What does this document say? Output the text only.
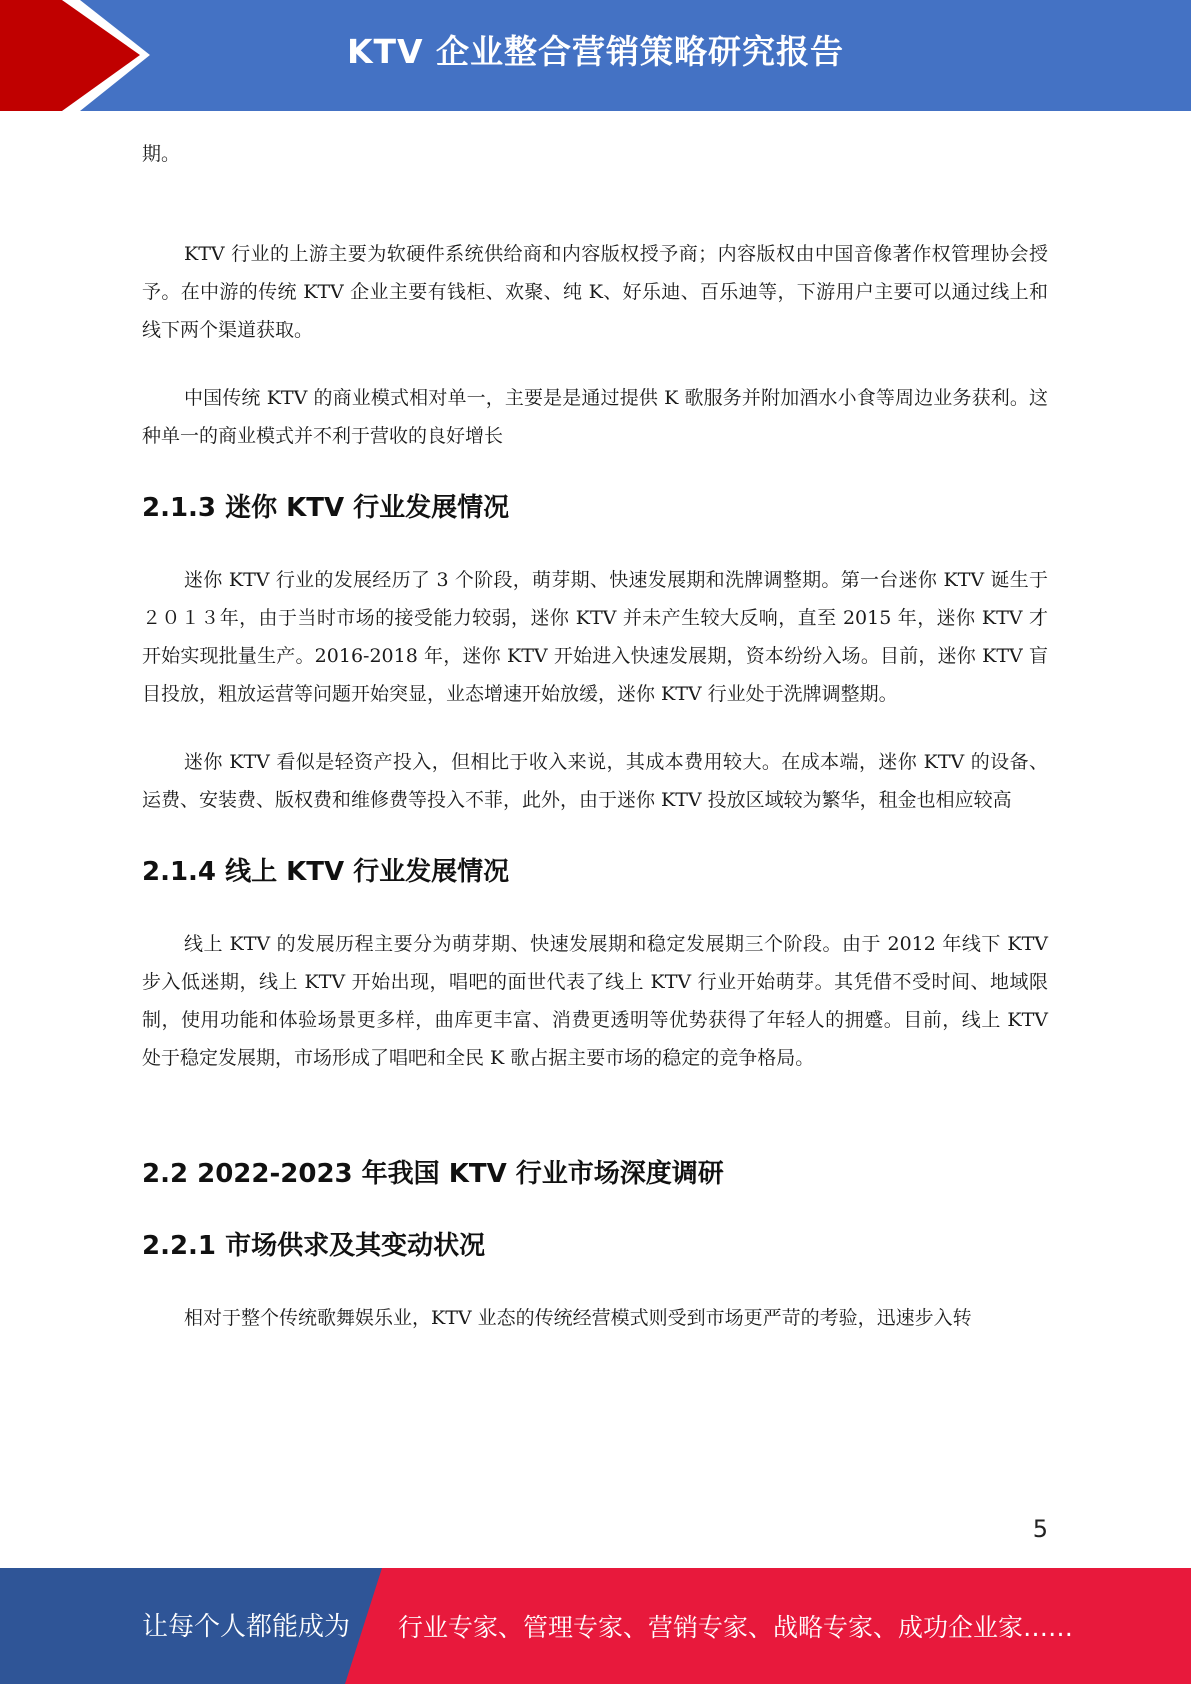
KTV 企业整合营销策略研究报告

期。

KTV 行业的上游主要为软硬件系统供给商和内容版权授予商；内容版权由中国音像著作权管理协会授予。在中游的传统 KTV 企业主要有钱柜、欢聚、纯 K、好乐迪、百乐迪等，下游用户主要可以通过线上和线下两个渠道获取。

中国传统 KTV 的商业模式相对单一，主要是是通过提供 K 歌服务并附加酒水小食等周边业务获利。这种单一的商业模式并不利于营收的良好增长

2.1.3 迷你 KTV 行业发展情况

迷你 KTV 行业的发展经历了 3 个阶段，萌芽期、快速发展期和洗牌调整期。第一台迷你 KTV 诞生于２０１３年，由于当时市场的接受能力较弱，迷你 KTV 并未产生较大反响，直至 2015 年，迷你 KTV 才开始实现批量生产。2016-2018 年，迷你 KTV 开始进入快速发展期，资本纷纷入场。目前，迷你 KTV 盲目投放，粗放运营等问题开始突显，业态增速开始放缓，迷你 KTV 行业处于洗牌调整期。

迷你 KTV 看似是轻资产投入，但相比于收入来说，其成本费用较大。在成本端，迷你 KTV 的设备、运费、安装费、版权费和维修费等投入不菲，此外，由于迷你 KTV 投放区域较为繁华，租金也相应较高

2.1.4 线上 KTV 行业发展情况

线上 KTV 的发展历程主要分为萌芽期、快速发展期和稳定发展期三个阶段。由于 2012 年线下 KTV 步入低迷期，线上 KTV 开始出现，唱吧的面世代表了线上 KTV 行业开始萌芽。其凭借不受时间、地域限制，使用功能和体验场景更多样，曲库更丰富、消费更透明等优势获得了年轻人的拥蹙。目前，线上 KTV 处于稳定发展期，市场形成了唱吧和全民 K 歌占据主要市场的稳定的竞争格局。

2.2 2022-2023 年我国 KTV 行业市场深度调研
2.2.1 市场供求及其变动状况

相对于整个传统歌舞娱乐业，KTV 业态的传统经营模式则受到市场更严苛的考验，迅速步入转

5
让每个人都能成为 行业专家、管理专家、营销专家、战略专家、成功企业家……
